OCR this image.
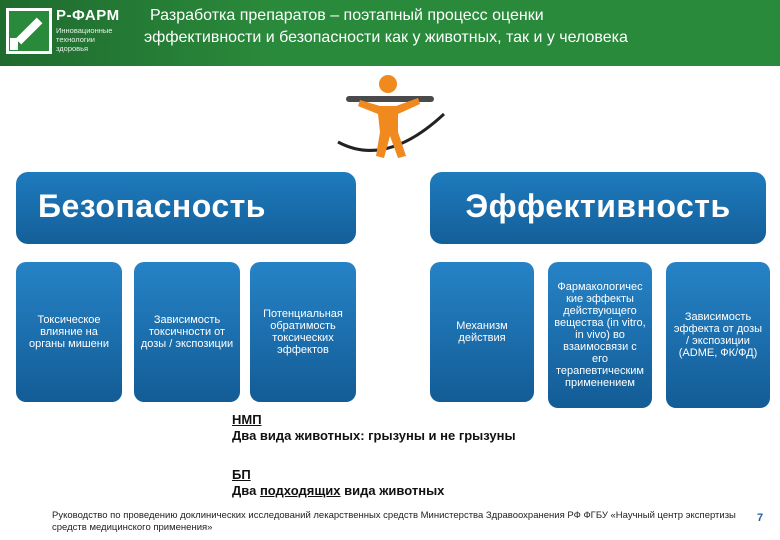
Р-ФАРМ
Инновационные технологии здоровья
Разработка препаратов – поэтапный процесс оценки
эффективности и безопасности как у животных, так и у человека
Безопасность	Эффективность
Токсическое влияние на органы мишени
Зависимость токсичности от дозы / экспозиции
Потенциальная обратимость токсических эффектов
Механизм действия
Фармакологичес кие эффекты действующего вещества (in vitro, in vivo) во взаимосвязи с его терапевтическим применением
Зависимость эффекта от дозы / экспозиции (ADME, ФК/ФД)
НМП
Два вида животных: грызуны и не грызуны
БП
Два подходящих вида животных
Руководство по проведению доклинических исследований лекарственных средств Министерства Здравоохранения РФ ФГБУ «Научный центр экспертизы средств медицинского применения»
7
